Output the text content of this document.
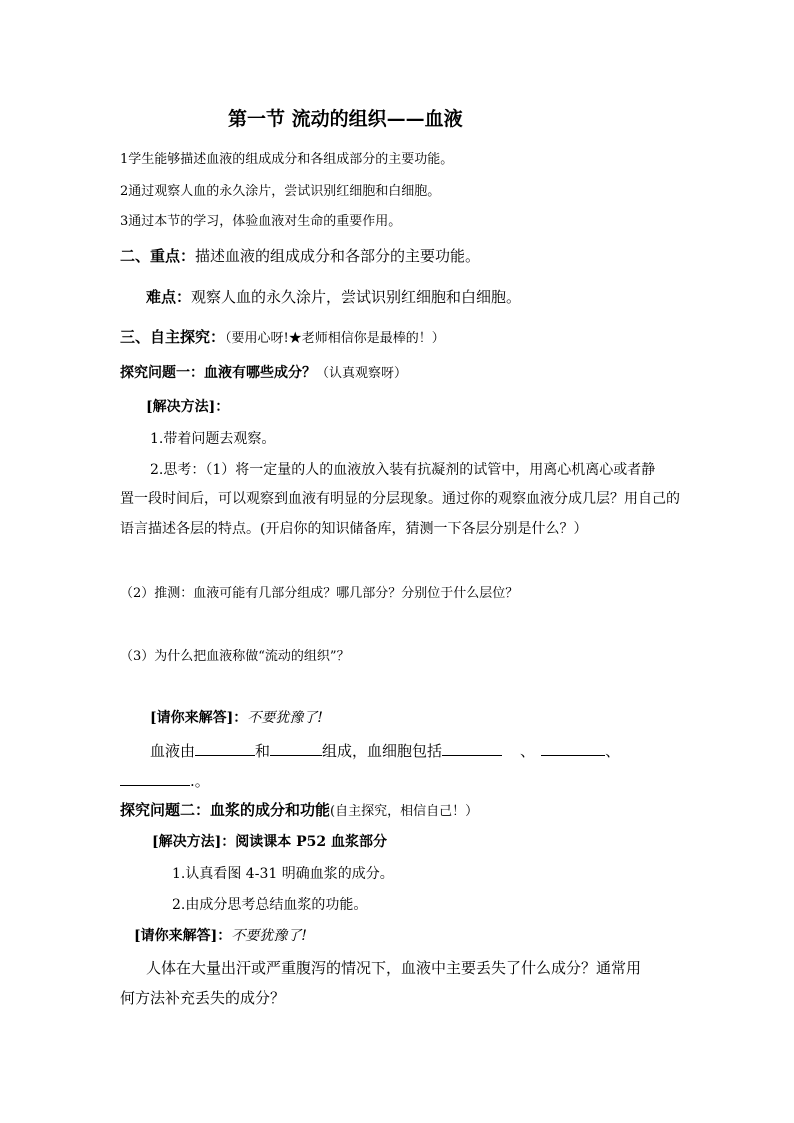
第一节 流动的组织——血液
1学生能够描述血液的组成成分和各组成部分的主要功能。
2通过观察人血的永久涂片，尝试识别红细胞和白细胞。
3通过本节的学习，体验血液对生命的重要作用。
二、重点：描述血液的组成成分和各部分的主要功能。
难点：观察人血的永久涂片，尝试识别红细胞和白细胞。
三、自主探究：（要用心呀!★老师相信你是最棒的！）
探究问题一：血液有哪些成分？（认真观察呀）
[解决方法]：
1.带着问题去观察。
2.思考：（1）将一定量的人的血液放入装有抗凝剂的试管中，用离心机离心或者静
置一段时间后，可以观察到血液有明显的分层现象。通过你的观察血液分成几层？用自己的
语言描述各层的特点。(开启你的知识储备库，猜测一下各层分别是什么？）
（2）推测：血液可能有几部分组成？哪几部分？分别位于什么层位？
（3）为什么把血液称做“流动的组织”？
[请你来解答]：不要犹豫了!
血液由	和	组成，血细胞包括	、	、
.。
探究问题二：血浆的成分和功能(自主探究，相信自己！）
[解决方法]：阅读课本 P52 血浆部分
1.认真看图 4-31 明确血浆的成分。
2.由成分思考总结血浆的功能。
[请你来解答]：不要犹豫了!
人体在大量出汗或严重腹泻的情况下，血液中主要丢失了什么成分？通常用
何方法补充丢失的成分？
